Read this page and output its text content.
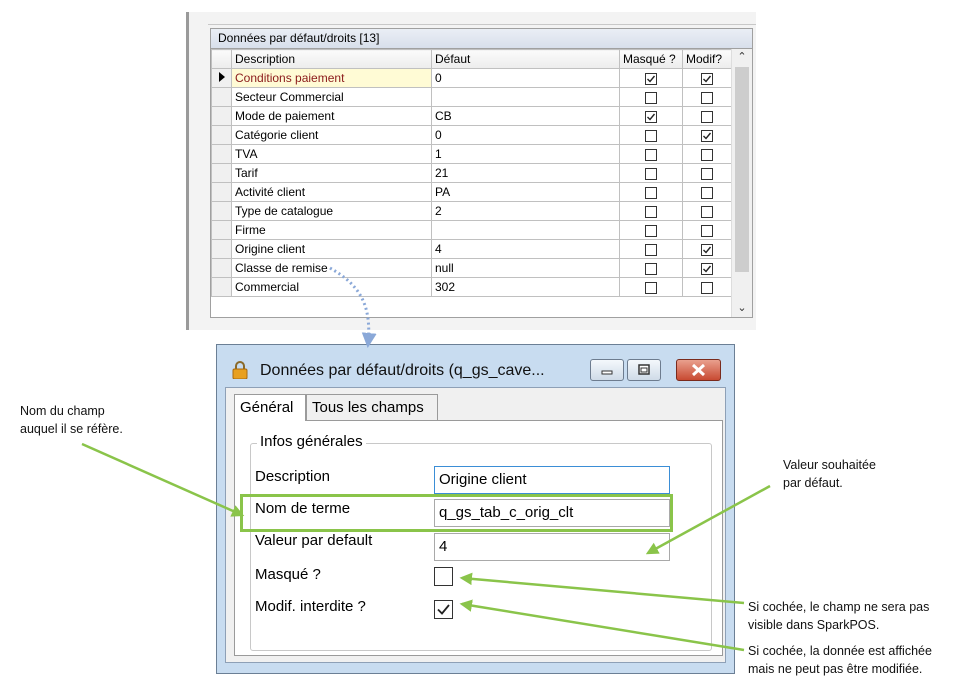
Données par défaut/droits [13]
	Description	Défaut	Masqué ?	Modif?
	Conditions paiement	0	

	Secteur Commercial			
	Mode de paiement	CB	

	Catégorie client	0		

	TVA	1		
	Tarif	21		
	Activité client	PA		
	Type de catalogue	2		
	Firme			
	Origine client	4		

	Classe de remise	null		

	Commercial	302		
⌃
⌄
Données par défaut/droits (q_gs_cave...
Général	Tous les champs
Infos générales
Description	Origine client
Nom de terme	q_gs_tab_c_orig_clt
Valeur par default	4
Masqué ?
Modif. interdite ?
Nom du champ
auquel il se réfère.
Valeur souhaitée
par défaut.
Si cochée, le champ ne sera pas
visible dans SparkPOS.
Si cochée, la donnée est affichée
mais ne peut pas être modifiée.
